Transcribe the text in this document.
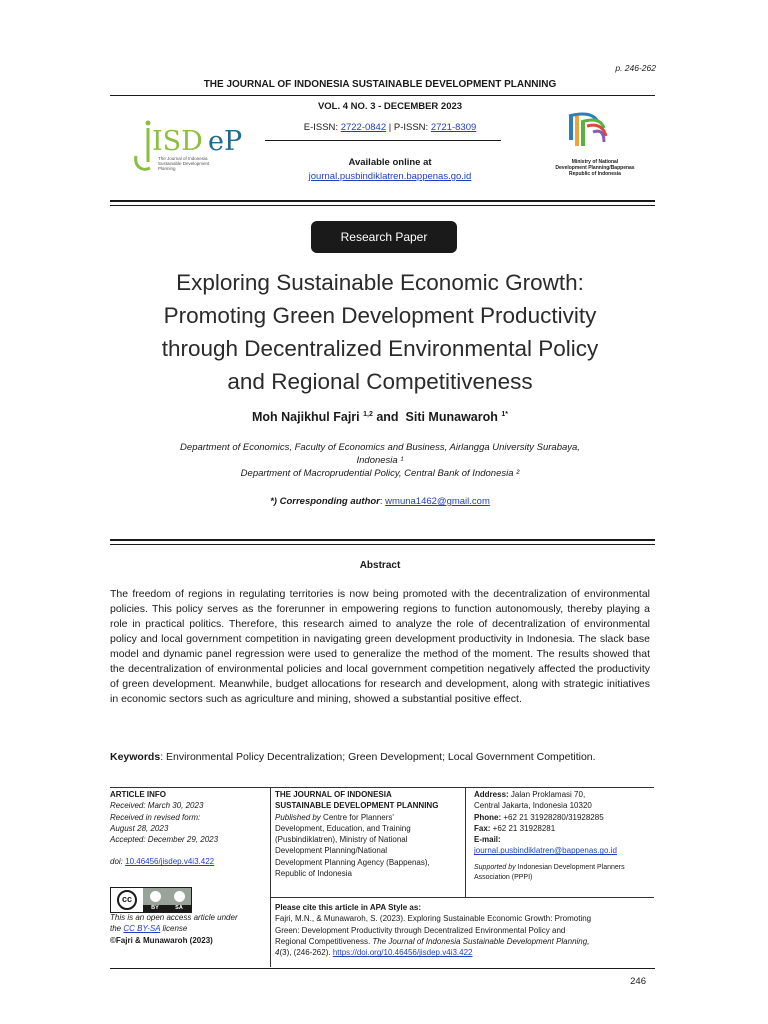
p. 246-262
THE JOURNAL OF INDONESIA SUSTAINABLE DEVELOPMENT PLANNING
VOL. 4 NO. 3 - DECEMBER 2023
E-ISSN: 2722-0842 | P-ISSN: 2721-8309
Available online at
journal.pusbindiklatren.bappenas.go.id
ISD eP
The Journal of Indonesia
Sustainable Development
Planning
Ministry of National
Development Planning/Bappenas
Republic of Indonesia
Research Paper
Exploring Sustainable Economic Growth:
Promoting Green Development Productivity
through Decentralized Environmental Policy
and Regional Competitiveness
Moh Najikhul Fajri $^{1,2}$ and  Siti Munawaroh $^{1*}$
Department of Economics, Faculty of Economics and Business, Airlangga University Surabaya,
Indonesia ¹
Department of Macroprudential Policy, Central Bank of Indonesia ²
*) Corresponding author: wmuna1462@gmail.com
Abstract
The freedom of regions in regulating territories is now being promoted with the decentralization of environmental policies. This policy serves as the forerunner in empowering regions to function autonomously, thereby playing a role in practical politics. Therefore, this research aimed to analyze the role of decentralization of environmental policy and local government competition in navigating green development productivity in Indonesia. The slack base model and dynamic panel regression were used to generalize the method of the moment. The results showed that the decentralization of environmental policies and local government competition negatively affected the productivity of green development. Meanwhile, budget allocations for research and development, along with strategic initiatives in economic sectors such as agriculture and mining, showed a substantial positive effect.
Keywords: Environmental Policy Decentralization; Green Development; Local Government Competition.
ARTICLE INFO
Received: March 30, 2023
Received in revised form:
August 28, 2023
Accepted: December 29, 2023
doi: 10.46456/jisdep.v4i3.422
cc
BY	SA
This is an open access article under
the CC BY-SA license
©Fajri & Munawaroh (2023)
THE JOURNAL OF INDONESIA
SUSTAINABLE DEVELOPMENT PLANNING
Published by Centre for Planners'
Development, Education, and Training
(Pusbindiklatren), Ministry of National
Development Planning/National
Development Planning Agency (Bappenas),
Republic of Indonesia
Address: Jalan Proklamasi 70,
Central Jakarta, Indonesia 10320
Phone: +62 21 31928280/31928285
Fax: +62 21 31928281
E-mail:
journal.pusbindiklatren@bappenas.go.id
Supported by Indonesian Development Planners
Association (PPPI)
Please cite this article in APA Style as:
Fajri, M.N., & Munawaroh, S. (2023). Exploring Sustainable Economic Growth: Promoting
Green: Development Productivity through Decentralized Environmental Policy and
Regional Competitiveness. The Journal of Indonesia Sustainable Development Planning,
4(3), (246-262). https://doi.org/10.46456/jisdep.v4i3.422
246
